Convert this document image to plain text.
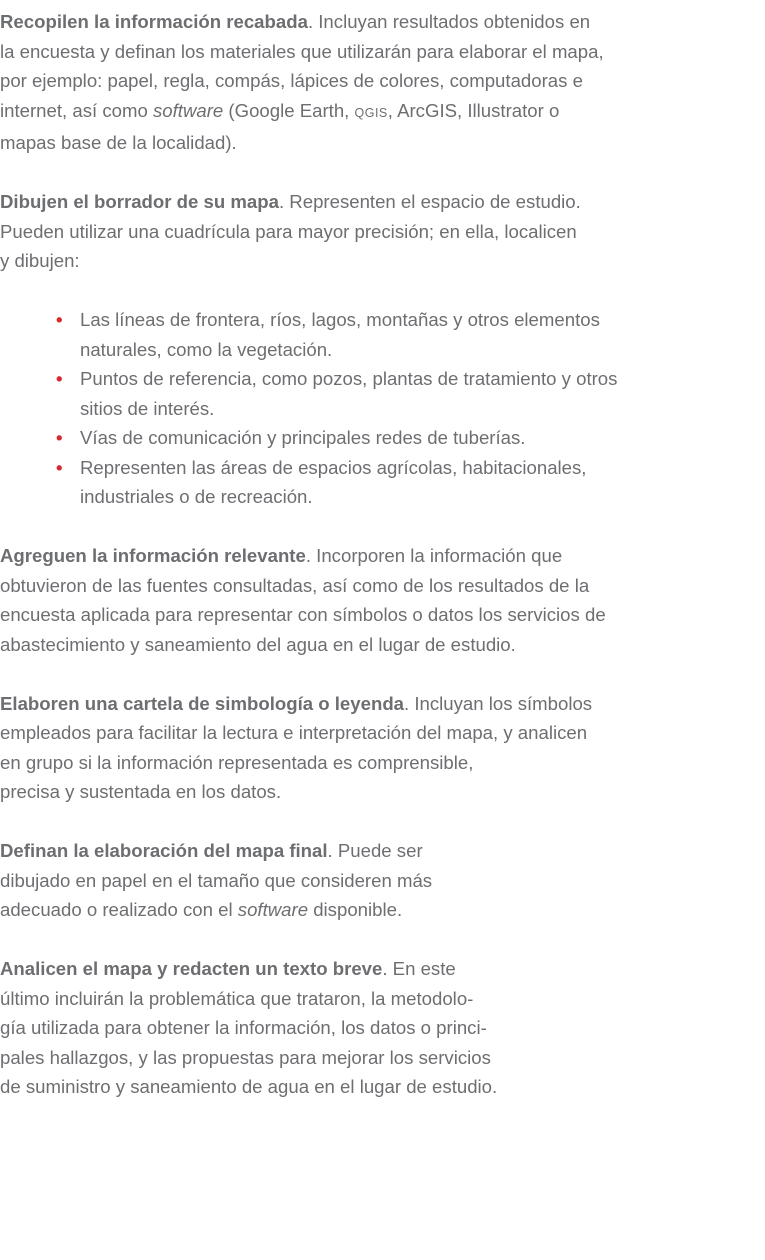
Recopilen la información recabada. Incluyan resultados obtenidos en
la encuesta y definan los materiales que utilizarán para elaborar el mapa,
por ejemplo: papel, regla, compás, lápices de colores, computadoras e
internet, así como software (Google Earth, QGIS, ArcGIS, Illustrator o
mapas base de la localidad).
Dibujen el borrador de su mapa. Representen el espacio de estudio.
Pueden utilizar una cuadrícula para mayor precisión; en ella, localicen
y dibujen:
• Las líneas de frontera, ríos, lagos, montañas y otros elementos
naturales, como la vegetación.
• Puntos de referencia, como pozos, plantas de tratamiento y otros
sitios de interés.
• Vías de comunicación y principales redes de tuberías.
• Representen las áreas de espacios agrícolas, habitacionales,
industriales o de recreación.
Agreguen la información relevante. Incorporen la información que
obtuvieron de las fuentes consultadas, así como de los resultados de la
encuesta aplicada para representar con símbolos o datos los servicios de
abastecimiento y saneamiento del agua en el lugar de estudio.
Elaboren una cartela de simbología o leyenda. Incluyan los símbolos
empleados para facilitar la lectura e interpretación del mapa, y analicen
en grupo si la información representada es comprensible,
precisa y sustentada en los datos.
Definan la elaboración del mapa final. Puede ser
dibujado en papel en el tamaño que consideren más
adecuado o realizado con el software disponible.
Analicen el mapa y redacten un texto breve. En este
último incluirán la problemática que trataron, la metodolo-
gía utilizada para obtener la información, los datos o princi-
pales hallazgos, y las propuestas para mejorar los servicios
de suministro y saneamiento de agua en el lugar de estudio.
